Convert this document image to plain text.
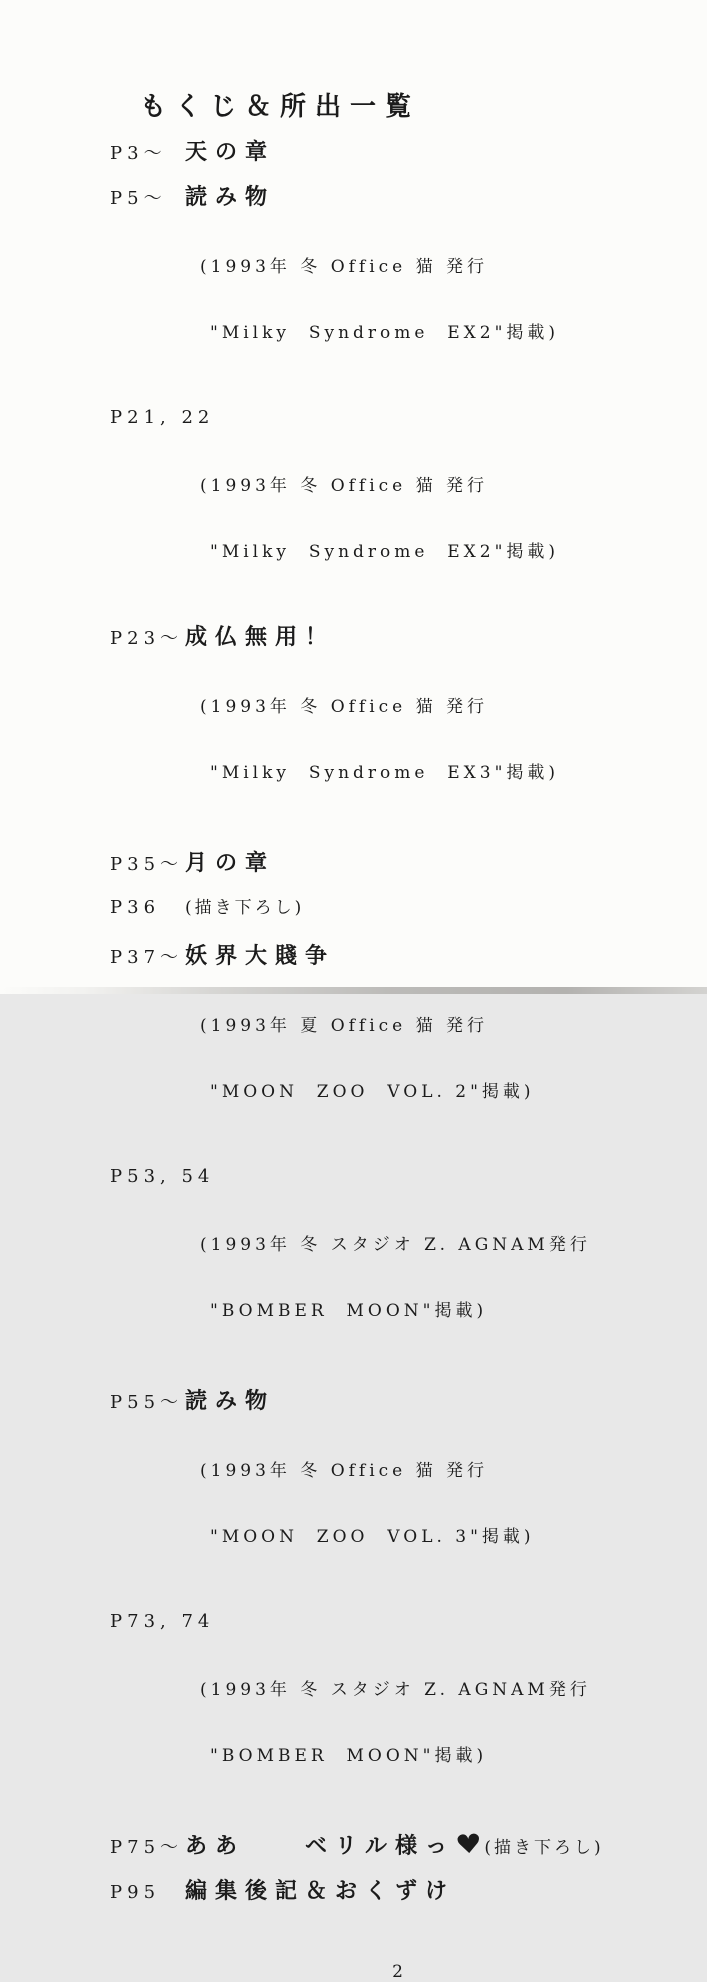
もくじ＆所出一覧
P3～ 天の章
P5～ 読み物

(1993年 冬 Office 猫 発行

"Milky  Syndrome  EX2"掲載)

P21, 22

(1993年 冬 Office 猫 発行

"Milky  Syndrome  EX2"掲載)

P23～ 成仏無用！

(1993年 冬 Office 猫 発行

"Milky  Syndrome  EX3"掲載)

P35～ 月の章
P36	(描き下ろし)
P37～ 妖界大賤争

(1993年 夏 Office 猫 発行

"MOON  ZOO  VOL. 2"掲載)

P53, 54

(1993年 冬 スタジオ Z. AGNAM発行

"BOMBER  MOON"掲載)

P55～ 読み物

(1993年 冬 Office 猫 発行

"MOON  ZOO  VOL. 3"掲載)

P73, 74

(1993年 冬 スタジオ Z. AGNAM発行

"BOMBER  MOON"掲載)

P75～ ああ　　ベリル様っ ♥ (描き下ろし)
P95	編集後記＆おくずけ
2
